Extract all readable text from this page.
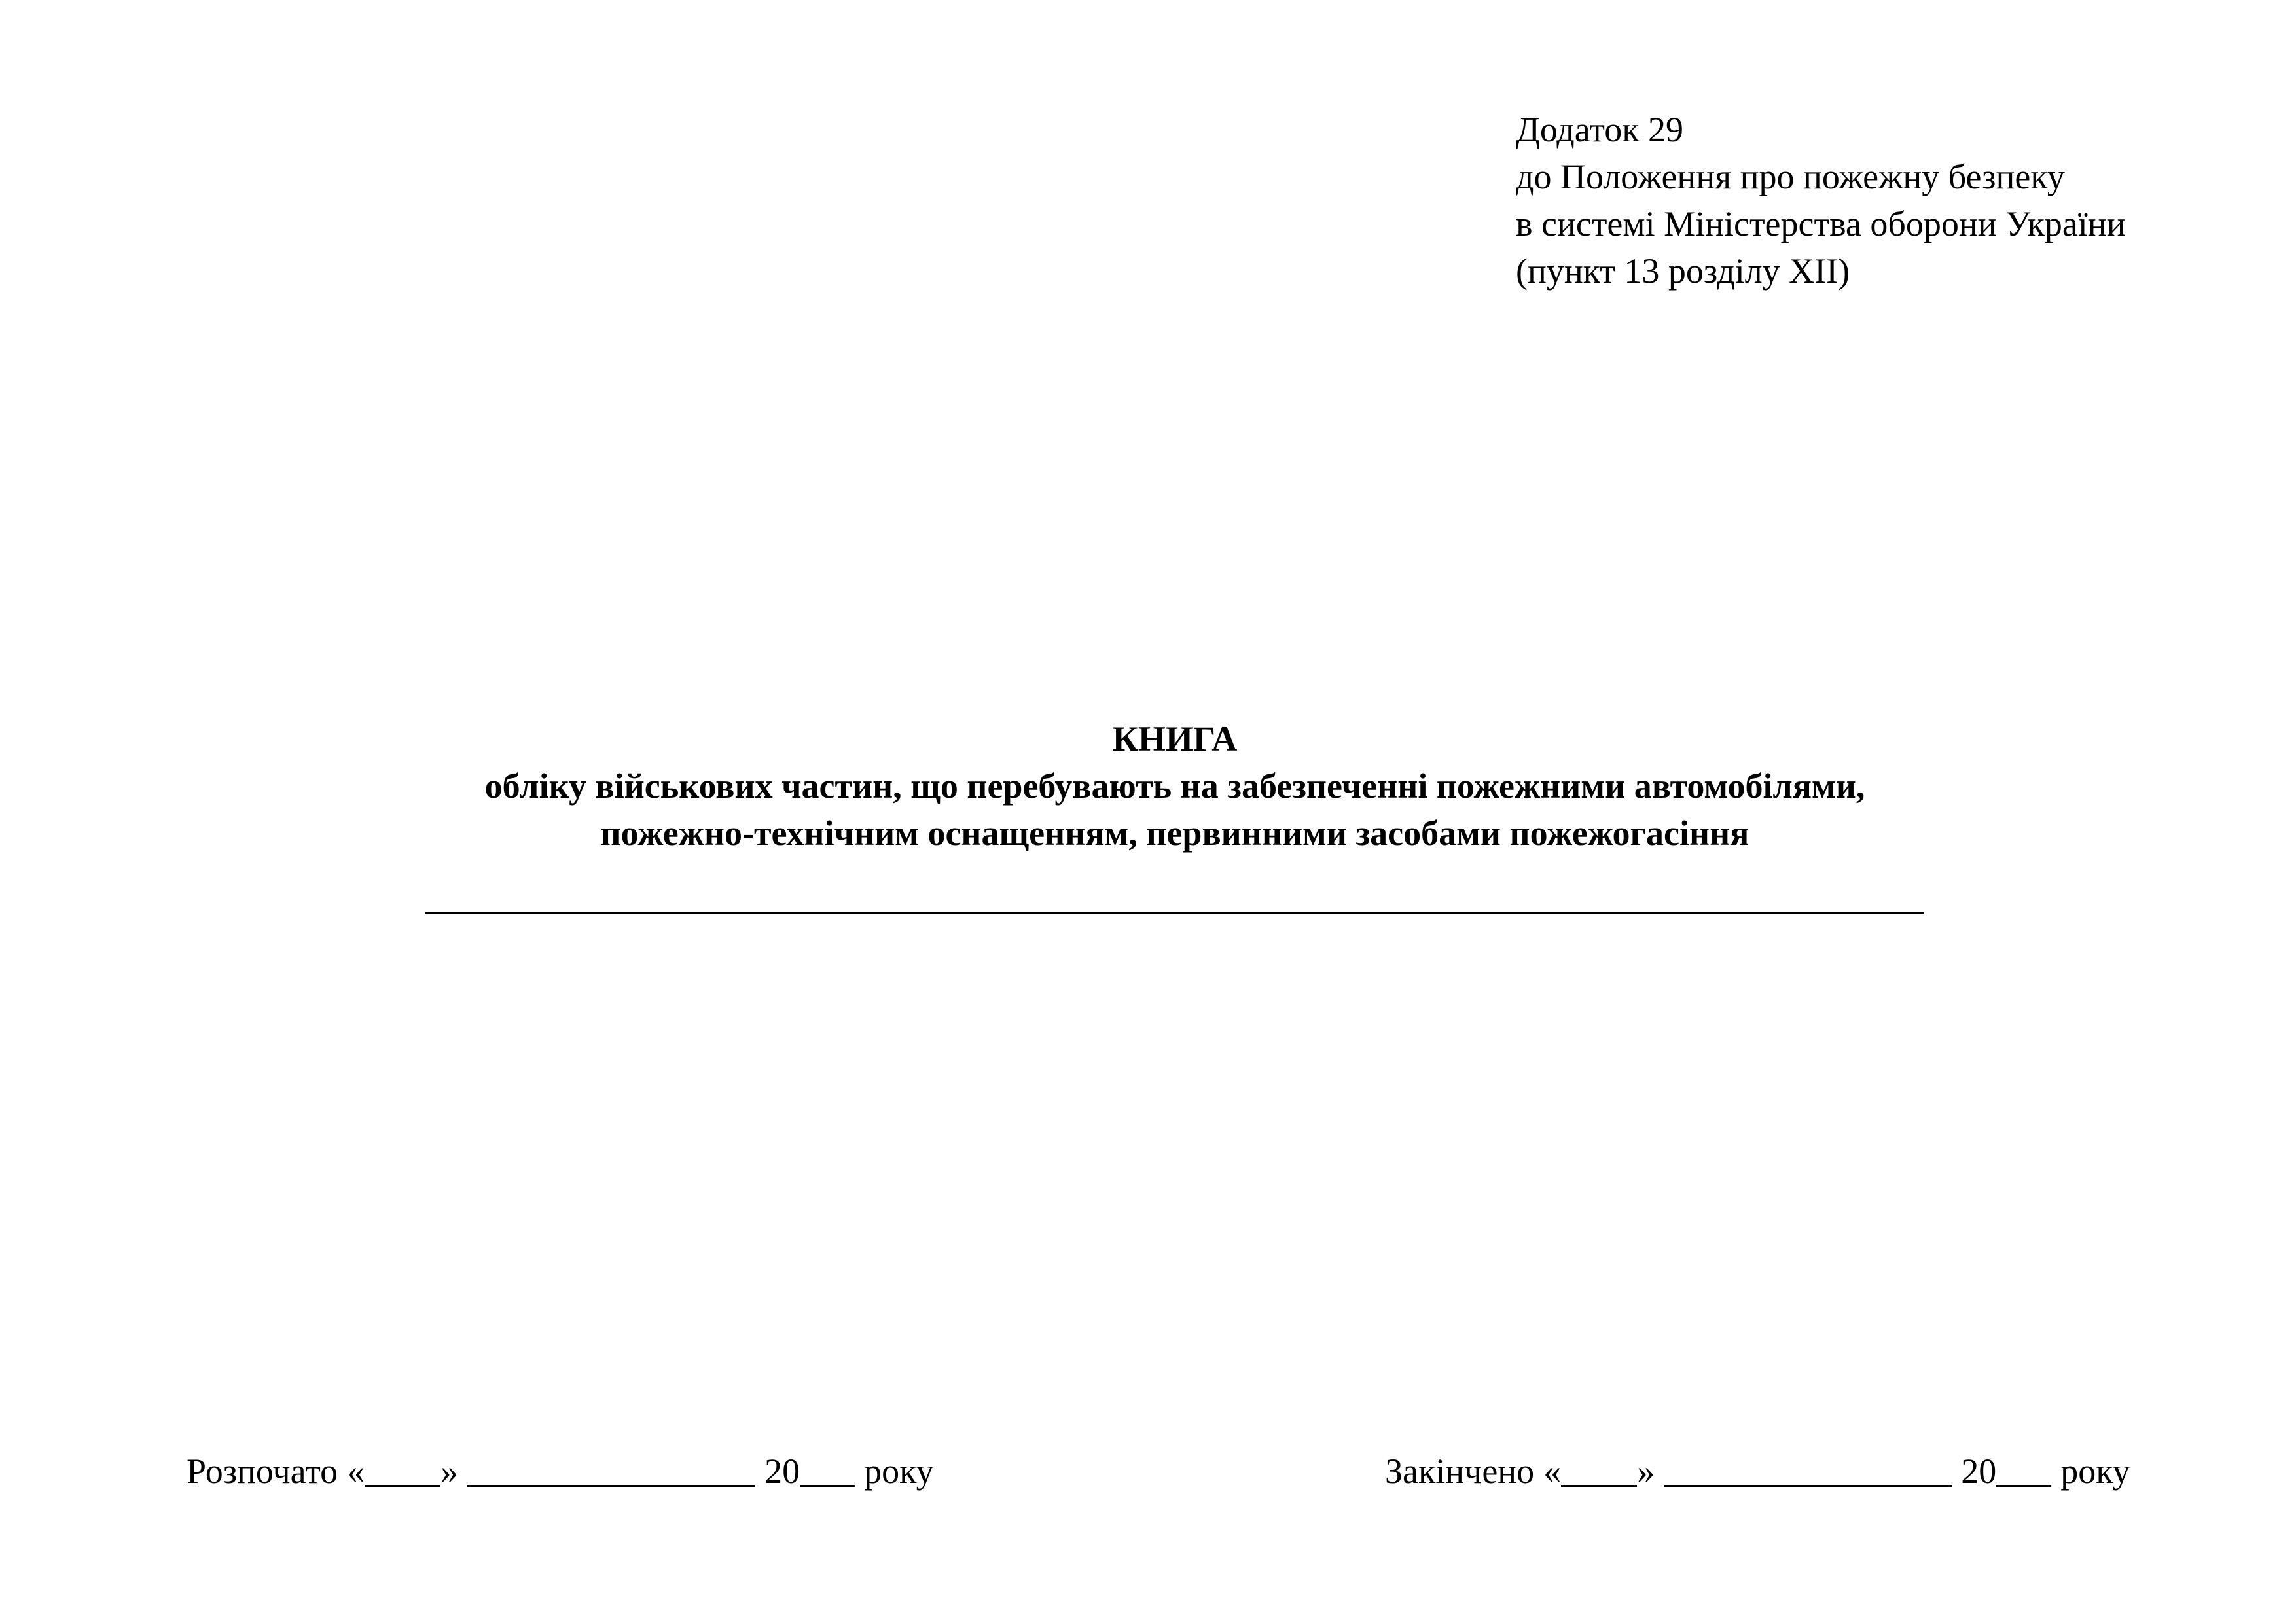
Додаток 29
до Положення про пожежну безпеку
в системі Міністерства оборони України
(пункт 13 розділу XII)
КНИГА
обліку військових частин, що перебувають на забезпеченні пожежними автомобілями,
пожежно-технічним оснащенням, первинними засобами пожежогасіння
Розпочато « »	20 року	Закінчено « »	20 року
